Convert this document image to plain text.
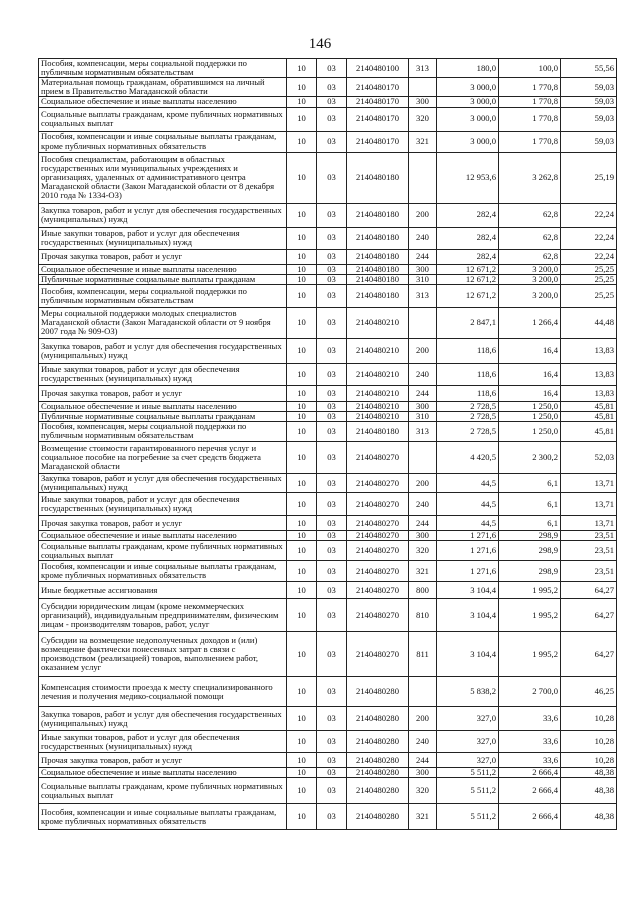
146
Пособия, компенсации, меры социальной поддержки по публичным нормативным обязательствам	10	03	2140480100	313	180,0	100,0	55,56
Материальная помощь гражданам, обратившимся на личный прием в Правительство Магаданской области	10	03	2140480170		3 000,0	1 770,8	59,03
Социальное обеспечение и иные выплаты населению	10	03	2140480170	300	3 000,0	1 770,8	59,03
Социальные выплаты гражданам, кроме публичных нормативных социальных выплат	10	03	2140480170	320	3 000,0	1 770,8	59,03
Пособия, компенсации и иные социальные выплаты гражданам, кроме публичных нормативных обязательств	10	03	2140480170	321	3 000,0	1 770,8	59,03
Пособия специалистам, работающим в областных государственных или муниципальных учреждениях и организациях, удаленных от административного центра Магаданской области (Закон Магаданской области от 8 декабря 2010 года № 1334-ОЗ)	10	03	2140480180		12 953,6	3 262,8	25,19
Закупка товаров, работ и услуг для обеспечения государственных (муниципальных) нужд	10	03	2140480180	200	282,4	62,8	22,24
Иные закупки товаров, работ и услуг для обеспечения государственных (муниципальных) нужд	10	03	2140480180	240	282,4	62,8	22,24
Прочая закупка товаров, работ и услуг	10	03	2140480180	244	282,4	62,8	22,24
Социальное обеспечение и иные выплаты населению	10	03	2140480180	300	12 671,2	3 200,0	25,25
Публичные нормативные социальные выплаты гражданам	10	03	2140480180	310	12 671,2	3 200,0	25,25
Пособия, компенсации, меры социальной поддержки по публичным нормативным обязательствам	10	03	2140480180	313	12 671,2	3 200,0	25,25
Меры социальной поддержки молодых специалистов Магаданской области (Закон Магаданской области от 9 ноября 2007 года № 909-ОЗ)	10	03	2140480210		2 847,1	1 266,4	44,48
Закупка товаров, работ и услуг для обеспечения государственных (муниципальных) нужд	10	03	2140480210	200	118,6	16,4	13,83
Иные закупки товаров, работ и услуг для обеспечения государственных (муниципальных) нужд	10	03	2140480210	240	118,6	16,4	13,83
Прочая закупка товаров, работ и услуг	10	03	2140480210	244	118,6	16,4	13,83
Социальное обеспечение и иные выплаты населению	10	03	2140480210	300	2 728,5	1 250,0	45,81
Публичные нормативные социальные выплаты гражданам	10	03	2140480210	310	2 728,5	1 250,0	45,81
Пособия, компенсация, меры социальной поддержки по публичным нормативным обязательствам	10	03	2140480180	313	2 728,5	1 250,0	45,81
Возмещение стоимости гарантированного перечня услуг и социальное пособие на погребение за счет средств бюджета Магаданской области	10	03	2140480270		4 420,5	2 300,2	52,03
Закупка товаров, работ и услуг для обеспечения государственных (муниципальных) нужд	10	03	2140480270	200	44,5	6,1	13,71
Иные закупки товаров, работ и услуг для обеспечения государственных (муниципальных) нужд	10	03	2140480270	240	44,5	6,1	13,71
Прочая закупка товаров, работ и услуг	10	03	2140480270	244	44,5	6,1	13,71
Социальное обеспечение и иные выплаты населению	10	03	2140480270	300	1 271,6	298,9	23,51
Социальные выплаты гражданам, кроме публичных нормативных социальных выплат	10	03	2140480270	320	1 271,6	298,9	23,51
Пособия, компенсации и иные социальные выплаты гражданам, кроме публичных нормативных обязательств	10	03	2140480270	321	1 271,6	298,9	23,51
Иные бюджетные ассигнования	10	03	2140480270	800	3 104,4	1 995,2	64,27
Субсидии юридическим лицам (кроме некоммерческих организаций), индивидуальным предпринимателям, физическим лицам - производителям товаров, работ, услуг	10	03	2140480270	810	3 104,4	1 995,2	64,27
Субсидии на возмещение недополученных доходов и (или) возмещение фактически понесенных затрат в связи с производством (реализацией) товаров, выполнением работ, оказанием услуг	10	03	2140480270	811	3 104,4	1 995,2	64,27
Компенсация стоимости проезда к месту специализированного лечения и получения медико-социальной помощи	10	03	2140480280		5 838,2	2 700,0	46,25
Закупка товаров, работ и услуг для обеспечения государственных (муниципальных) нужд	10	03	2140480280	200	327,0	33,6	10,28
Иные закупки товаров, работ и услуг для обеспечения государственных (муниципальных) нужд	10	03	2140480280	240	327,0	33,6	10,28
Прочая закупка товаров, работ и услуг	10	03	2140480280	244	327,0	33,6	10,28
Социальное обеспечение и иные выплаты населению	10	03	2140480280	300	5 511,2	2 666,4	48,38
Социальные выплаты гражданам, кроме публичных нормативных социальных выплат	10	03	2140480280	320	5 511,2	2 666,4	48,38
Пособия, компенсации и иные социальные выплаты гражданам, кроме публичных нормативных обязательств	10	03	2140480280	321	5 511,2	2 666,4	48,38
